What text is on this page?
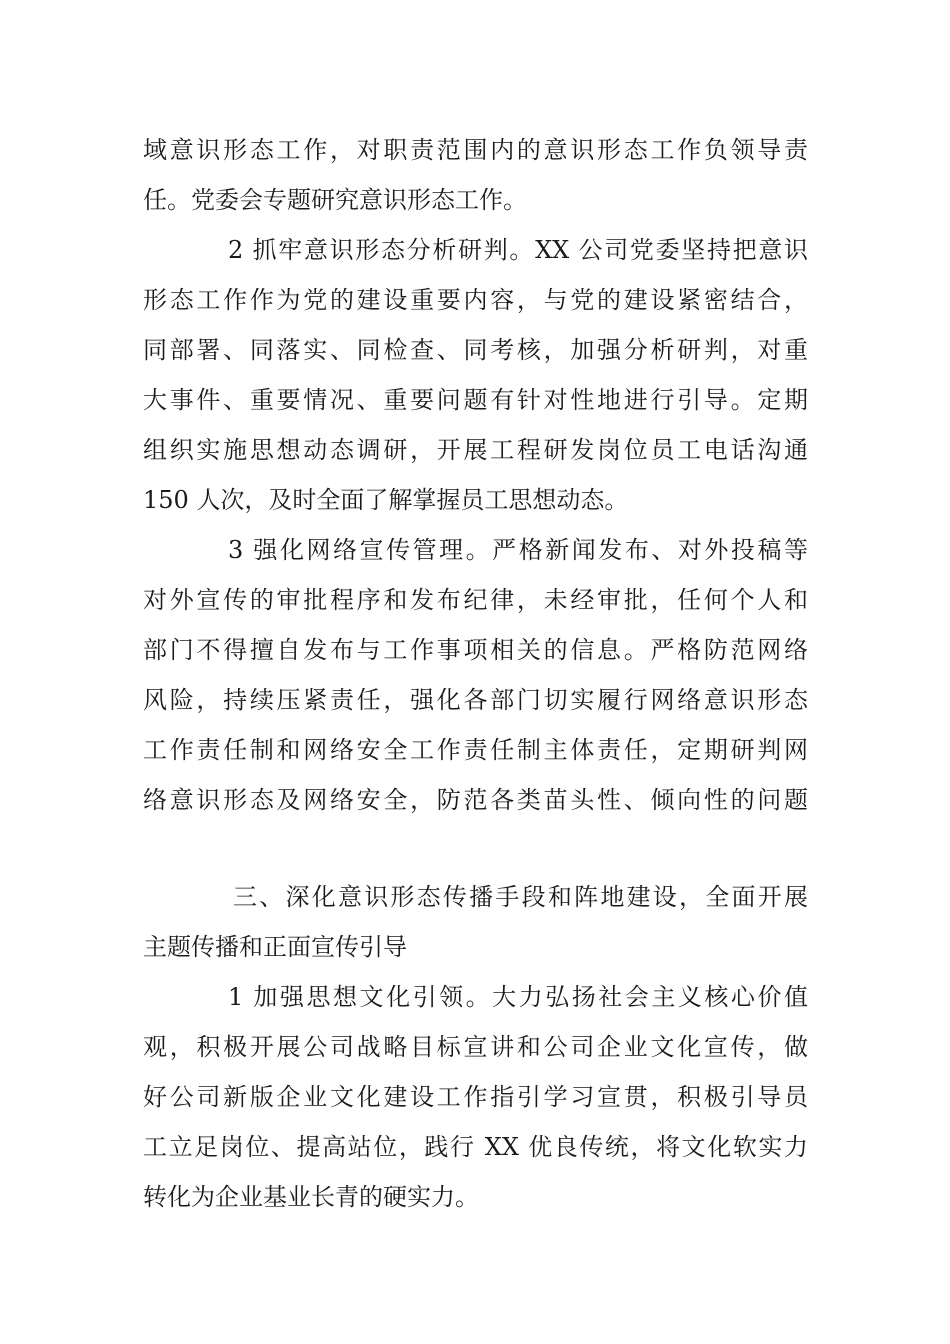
域意识形态工作，对职责范围内的意识形态工作负领导责
任。党委会专题研究意识形态工作。
2 抓牢意识形态分析研判。XX 公司党委坚持把意识
形态工作作为党的建设重要内容，与党的建设紧密结合，
同部署、同落实、同检查、同考核，加强分析研判，对重
大事件、重要情况、重要问题有针对性地进行引导。定期
组织实施思想动态调研，开展工程研发岗位员工电话沟通
150 人次，及时全面了解掌握员工思想动态。
3 强化网络宣传管理。严格新闻发布、对外投稿等
对外宣传的审批程序和发布纪律，未经审批，任何个人和
部门不得擅自发布与工作事项相关的信息。严格防范网络
风险，持续压紧责任，强化各部门切实履行网络意识形态
工作责任制和网络安全工作责任制主体责任，定期研判网
络意识形态及网络安全，防范各类苗头性、倾向性的问题
三、深化意识形态传播手段和阵地建设，全面开展
主题传播和正面宣传引导
1 加强思想文化引领。大力弘扬社会主义核心价值
观，积极开展公司战略目标宣讲和公司企业文化宣传，做
好公司新版企业文化建设工作指引学习宣贯，积极引导员
工立足岗位、提高站位，践行 XX 优良传统，将文化软实力
转化为企业基业长青的硬实力。
